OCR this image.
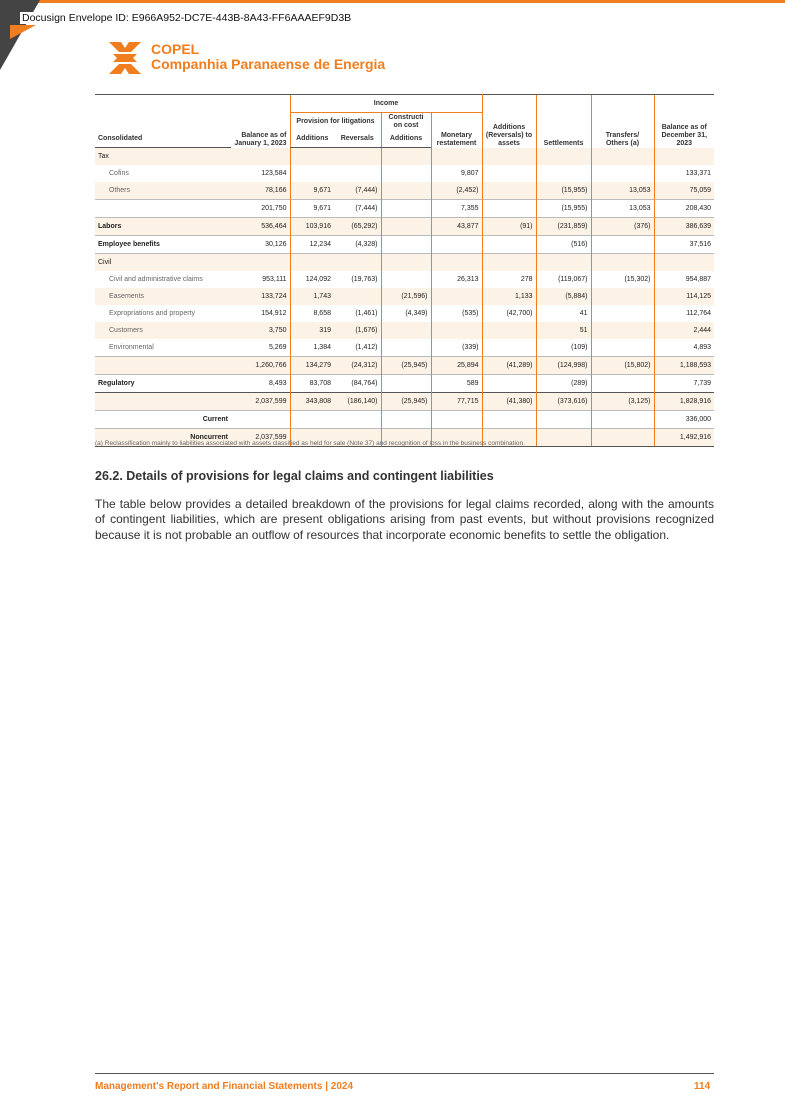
Docusign Envelope ID: E966A952-DC7E-443B-8A43-FF6AAAEF9D3B
COPEL
Companhia Paranaense de Energia
		Income							
	Balance as of January 1, 2023	Provision for litigations		Constructi on cost	Monetary restatement	Additions (Reversals) to assets	Settlements	Transfers/ Others (a)	Balance as of December 31, 2023
Consolidated		Additions	Reversals	Additions					
Tax									
Cofins	123,584				9,807				133,371
Others	78,166	9,671	(7,444)		(2,452)		(15,955)	13,053	75,059
	201,750	9,671	(7,444)		7,355		(15,955)	13,053	208,430
Labors	536,464	103,916	(65,292)		43,877	(91)	(231,859)	(376)	386,639
Employee benefits	30,126	12,234	(4,328)				(516)		37,516
Civil									
Civil and administrative claims	953,111	124,092	(19,763)		26,313	278	(119,067)	(15,302)	954,887
Easements	133,724	1,743		(21,596)		1,133	(5,884)		114,125
Expropriations and property	154,912	8,658	(1,461)	(4,349)	(535)	(42,700)	41		112,764
Customers	3,750	319	(1,676)				51		2,444
Environmental	5,269	1,384	(1,412)		(339)		(109)		4,893
	1,260,766	134,279	(24,312)	(25,945)	25,894	(41,289)	(124,998)	(15,802)	1,188,593
Regulatory	8,493	83,708	(84,764)		589		(289)		7,739
	2,037,599	343,808	(186,140)	(25,945)	77,715	(41,380)	(373,616)	(3,125)	1,828,916
Current									336,000
Noncurrent	2,037,599								1,492,916
(a) Reclassification mainly to liabilities associated with assets classified as held for sale (Note 37) and recognition of loss in the business combination.
26.2. Details of provisions for legal claims and contingent liabilities

The table below provides a detailed breakdown of the provisions for legal claims recorded, along with the amounts of contingent liabilities, which are present obligations arising from past events, but without provisions recognized because it is not probable an outflow of resources that incorporate economic benefits to settle the obligation.

Management's Report and Financial Statements | 2024	114
